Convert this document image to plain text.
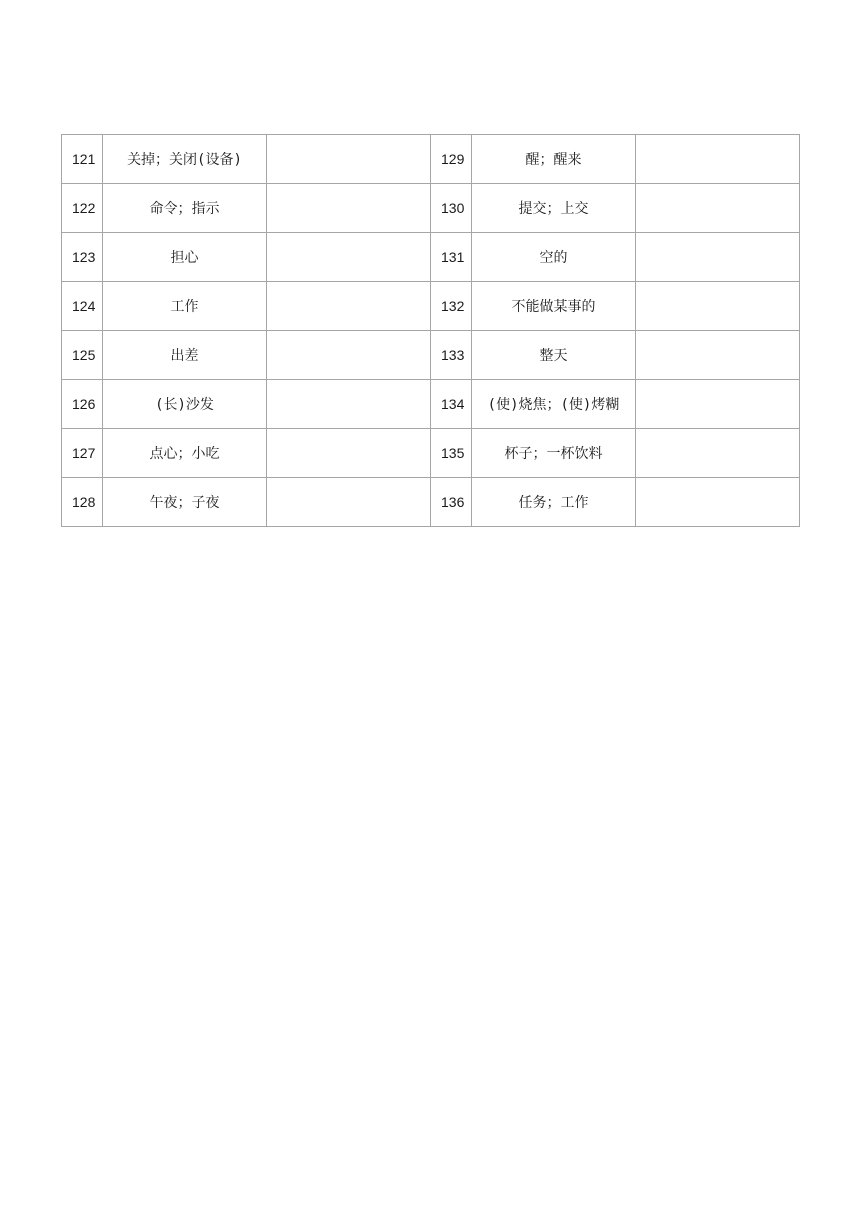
121	关掉；关闭(设备)		129	醒；醒来	
122	命令；指示		130	提交；上交	
123	担心		131	空的	
124	工作		132	不能做某事的	
125	出差		133	整天	
126	(长)沙发		134	(使)烧焦；(使)烤糊	
127	点心；小吃		135	杯子；一杯饮料	
128	午夜；子夜		136	任务；工作	
